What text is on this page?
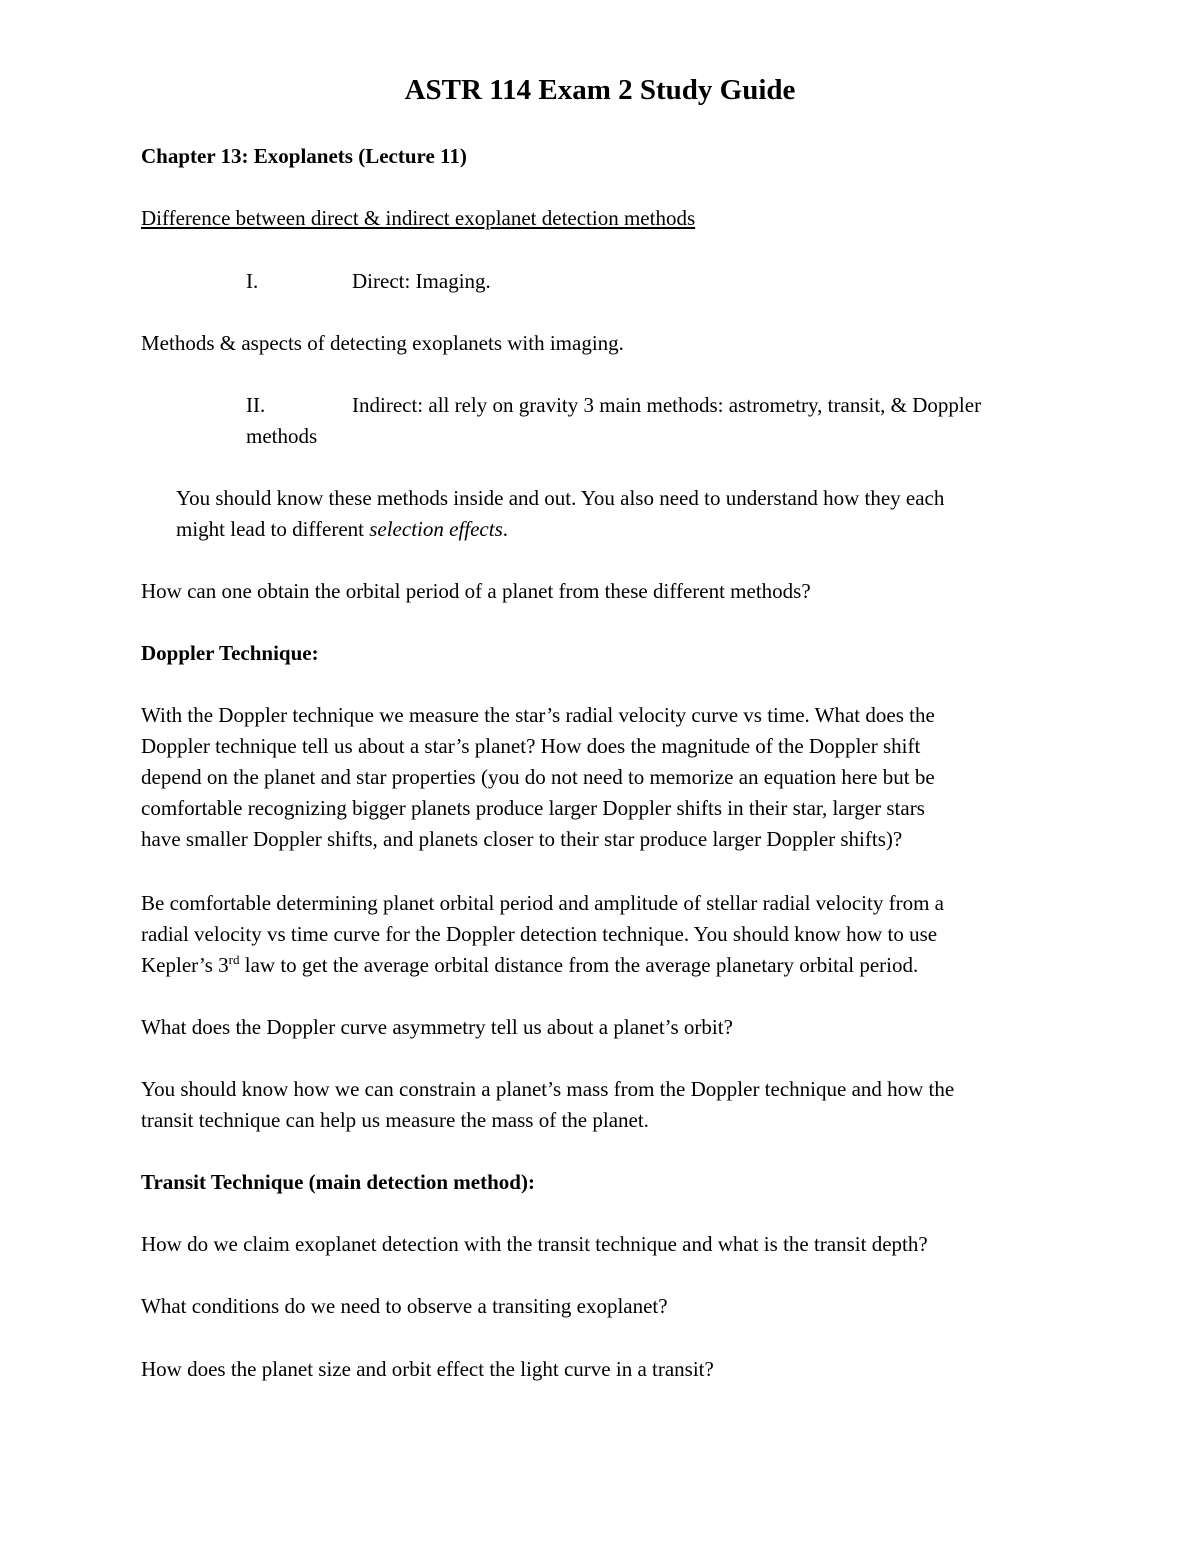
ASTR 114 Exam 2 Study Guide
Chapter 13: Exoplanets (Lecture 11)
Difference between direct & indirect exoplanet detection methods
I.	Direct: Imaging.
Methods & aspects of detecting exoplanets with imaging.
II.	Indirect: all rely on gravity 3 main methods: astrometry, transit, & Doppler
methods
You should know these methods inside and out. You also need to understand how they each
might lead to different selection effects.
How can one obtain the orbital period of a planet from these different methods?
Doppler Technique:
With the Doppler technique we measure the star’s radial velocity curve vs time. What does the
Doppler technique tell us about a star’s planet? How does the magnitude of the Doppler shift
depend on the planet and star properties (you do not need to memorize an equation here but be
comfortable recognizing bigger planets produce larger Doppler shifts in their star, larger stars
have smaller Doppler shifts, and planets closer to their star produce larger Doppler shifts)?
Be comfortable determining planet orbital period and amplitude of stellar radial velocity from a
radial velocity vs time curve for the Doppler detection technique. You should know how to use
Kepler’s 3rd law to get the average orbital distance from the average planetary orbital period.
What does the Doppler curve asymmetry tell us about a planet’s orbit?
You should know how we can constrain a planet’s mass from the Doppler technique and how the
transit technique can help us measure the mass of the planet.
Transit Technique (main detection method):
How do we claim exoplanet detection with the transit technique and what is the transit depth?
What conditions do we need to observe a transiting exoplanet?
How does the planet size and orbit effect the light curve in a transit?
